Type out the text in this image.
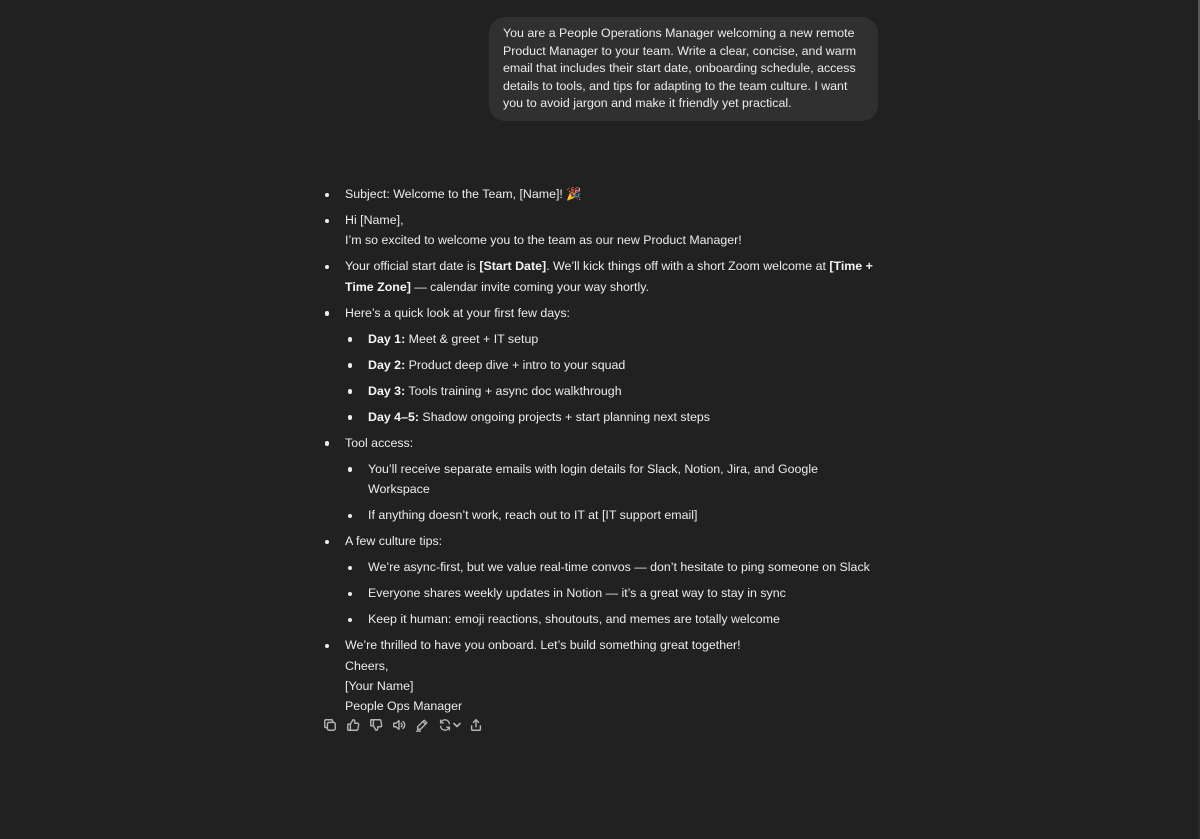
You are a People Operations Manager welcoming a new remote Product Manager to your team. Write a clear, concise, and warm email that includes their start date, onboarding schedule, access details to tools, and tips for adapting to the team culture. I want you to avoid jargon and make it friendly yet practical.
Subject: Welcome to the Team, [Name]! 🎉
Hi [Name],
I’m so excited to welcome you to the team as our new Product Manager!
Your official start date is [Start Date]. We’ll kick things off with a short Zoom welcome at [Time + Time Zone] — calendar invite coming your way shortly.
Here’s a quick look at your first few days:
Day 1: Meet & greet + IT setup
Day 2: Product deep dive + intro to your squad
Day 3: Tools training + async doc walkthrough
Day 4–5: Shadow ongoing projects + start planning next steps
Tool access:
You’ll receive separate emails with login details for Slack, Notion, Jira, and Google Workspace
If anything doesn’t work, reach out to IT at [IT support email]
A few culture tips:
We’re async-first, but we value real-time convos — don’t hesitate to ping someone on Slack
Everyone shares weekly updates in Notion — it’s a great way to stay in sync
Keep it human: emoji reactions, shoutouts, and memes are totally welcome
We’re thrilled to have you onboard. Let’s build something great together!
Cheers,
[Your Name]
People Ops Manager
